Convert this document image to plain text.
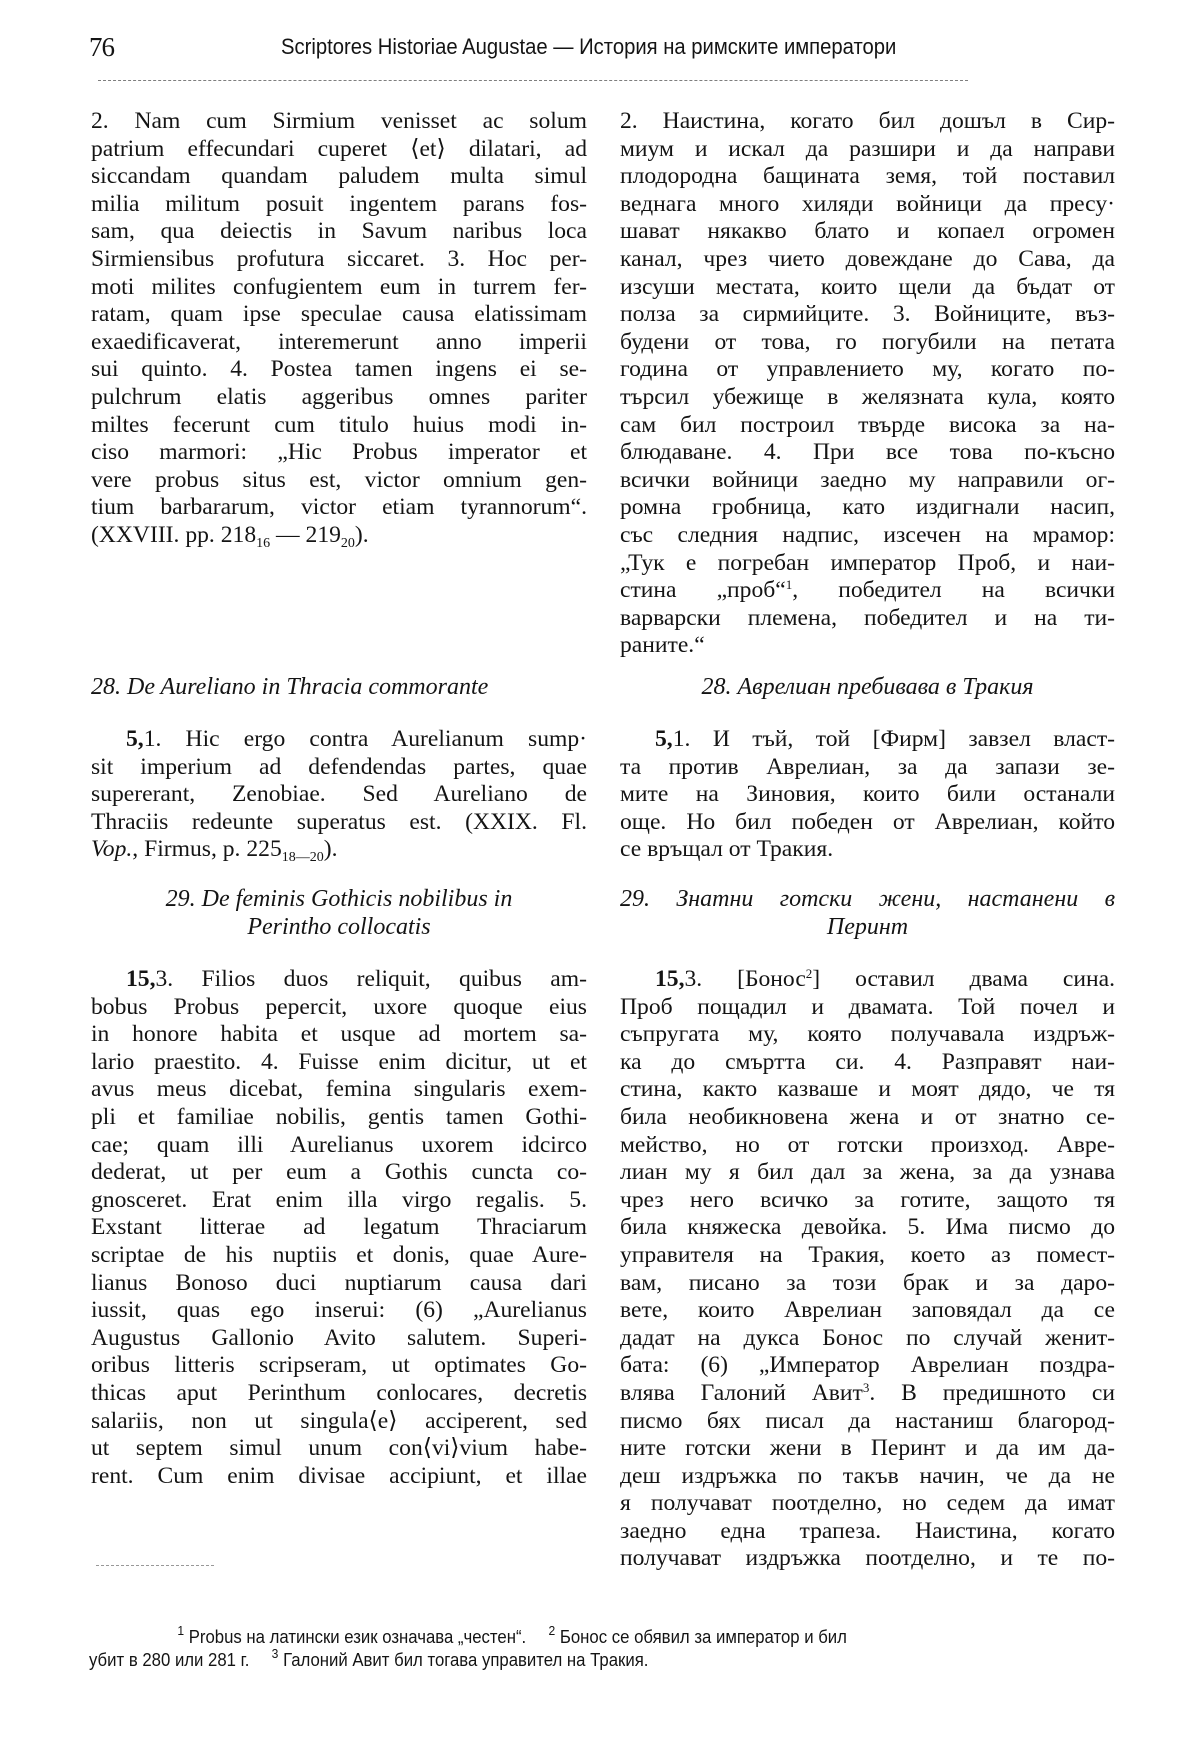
76	Scriptores Historiae Augustae — История на римските императори
2. Nam cum Sirmium venisset ac solum
patrium effecundari cuperet ⟨et⟩ dilatari, ad
siccandam quandam paludem multa simul
milia militum posuit ingentem parans fos-
sam, qua deiectis in Savum naribus loca
Sirmiensibus profutura siccaret. 3. Hoc per-
moti milites confugientem eum in turrem fer-
ratam, quam ipse speculae causa elatissimam
exaedificaverat, interemerunt anno imperii
sui quinto. 4. Postea tamen ingens ei se-
pulchrum elatis aggeribus omnes pariter
miltes fecerunt cum titulo huius modi in-
ciso marmori: „Hic Probus imperator et
vere probus situs est, victor omnium gen-
tium barbararum, victor etiam tyrannorum“.
(XXVIII. pp. $218_{16}$ — $219_{20}$).
28. De Aureliano in Thracia commorante
5,1. Hic ergo contra Aurelianum sump·
sit imperium ad defendendas partes, quae
supererant, Zenobiae. Sed Aureliano de
Thraciis redeunte superatus est. (XXIX. Fl.
Vop., Firmus, p. $225_{18—20}$).
29. De feminis Gothicis nobilibus in
Perintho collocatis
15,3. Filios duos reliquit, quibus am-
bobus Probus pepercit, uxore quoque eius
in honore habita et usque ad mortem sa-
lario praestito. 4. Fuisse enim dicitur, ut et
avus meus dicebat, femina singularis exem-
pli et familiae nobilis, gentis tamen Gothi-
cae; quam illi Aurelianus uxorem idcirco
dederat, ut per eum a Gothis cuncta co-
gnosceret. Erat enim illa virgo regalis. 5.
Exstant litterae ad legatum Thraciarum
scriptae de his nuptiis et donis, quae Aure-
lianus Bonoso duci nuptiarum causa dari
iussit, quas ego inserui: (6) „Aurelianus
Augustus Gallonio Avito salutem. Superi-
oribus litteris scripseram, ut optimates Go-
thicas aput Perinthum conlocares, decretis
salariis, non ut singula⟨e⟩ acciperent, sed
ut septem simul unum con⟨vi⟩vium habe-
rent. Cum enim divisae accipiunt, et illae
2. Наистина, когато бил дошъл в Сир-
миум и искал да разшири и да направи
плодородна бащината земя, той поставил
веднага много хиляди войници да пресу·
шават някакво блато и копаел огромен
канал, чрез чието довеждане до Сава, да
изсуши местата, които щели да бъдат от
полза за сирмийците. 3. Войниците, въз-
будени от това, го погубили на петата
година от управлението му, когато по-
търсил убежище в желязната кула, която
сам бил построил твърде висока за на-
блюдаване. 4. При все това по-късно
всички войници заедно му направили ог-
ромна гробница, като издигнали насип,
със следния надпис, изсечен на мрамор:
„Тук е погребан император Проб, и наи-
стина „проб“$^1$, победител на всички
варварски племена, победител и на ти-
раните.“
28. Аврелиан пребивава в Тракия
5,1. И тъй, той [Фирм] завзел власт-
та против Аврелиан, за да запази зе-
мите на Зиновия, които били останали
още. Но бил победен от Аврелиан, който
се връщал от Тракия.
29. Знатни готски жени, настанени в
Перинт
15,3. [Бонос$^2$] оставил двама сина.
Проб пощадил и двамата. Той почел и
съпругата му, която получавала издръж-
ка до смъртта си. 4. Разправят наи-
стина, както казваше и моят дядо, че тя
била необикновена жена и от знатно се-
мейство, но от готски произход. Авре-
лиан му я бил дал за жена, за да узнава
чрез него всичко за готите, защото тя
била княжеска девойка. 5. Има писмо до
управителя на Тракия, което аз помест-
вам, писано за този брак и за даро-
вете, които Аврелиан заповядал да се
дадат на дукса Бонос по случай женит-
бата: (6) „Император Аврелиан поздра-
влява Галоний Авит$^3$. В предишното си
писмо бях писал да настаниш благород-
ните готски жени в Перинт и да им да-
деш издръжка по такъв начин, че да не
я получават поотделно, но седем да имат
заедно една трапеза. Наистина, когато
получават издръжка поотделно, и те по-
$^1$ Probus на латински език означава „честен“. $^2$ Бонос се обявил за император и бил
убит в 280 или 281 г. $^3$ Галоний Авит бил тогава управител на Тракия.
